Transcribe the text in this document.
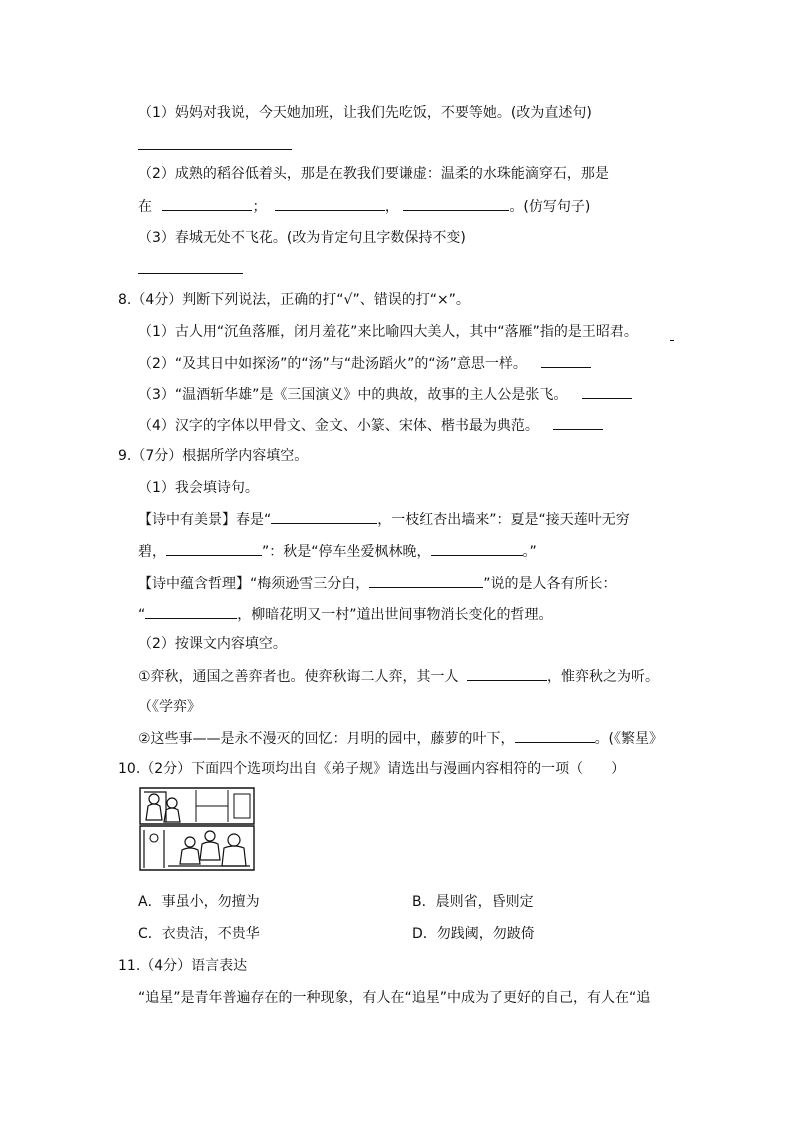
（1）妈妈对我说，今天她加班，让我们先吃饭，不要等她。(改为直述句)
（2）成熟的稻谷低着头，那是在教我们要谦虚：温柔的水珠能滴穿石，那是
在	；	，	。(仿写句子)
（3）春城无处不飞花。(改为肯定句且字数保持不变)
8.（4分）判断下列说法，正确的打“√”、错误的打“×”。
（1）古人用“沉鱼落雁，闭月羞花”来比喻四大美人，其中“落雁”指的是王昭君。
（2）“及其日中如探汤”的“汤”与“赴汤蹈火”的“汤”意思一样。
（3）“温酒斩华雄”是《三国演义》中的典故，故事的主人公是张飞。
（4）汉字的字体以甲骨文、金文、小篆、宋体、楷书最为典范。
9.（7分）根据所学内容填空。
（1）我会填诗句。
【诗中有美景】春是“	，一枝红杏出墙来”：夏是“接天莲叶无穷
碧，	”：秋是“停车坐爱枫林晚，	。”
【诗中蕴含哲理】“梅须逊雪三分白，	”说的是人各有所长：
“	，柳暗花明又一村”道出世间事物消长变化的哲理。
（2）按课文内容填空。
①弈秋，通国之善弈者也。使弈秋诲二人弈，其一人	，惟弈秋之为听。
（《学弈》
②这些事——是永不漫灭的回忆：月明的园中，藤萝的叶下，	。(《繁星》
10.（2分）下面四个选项均出自《弟子规》请选出与漫画内容相符的一项（　　）
A．事虽小，勿擅为	B．晨则省，昏则定
C．衣贵洁，不贵华	D．勿践阈，勿跛倚
11.（4分）语言表达
“追星”是青年普遍存在的一种现象，有人在“追星”中成为了更好的自己，有人在“追
